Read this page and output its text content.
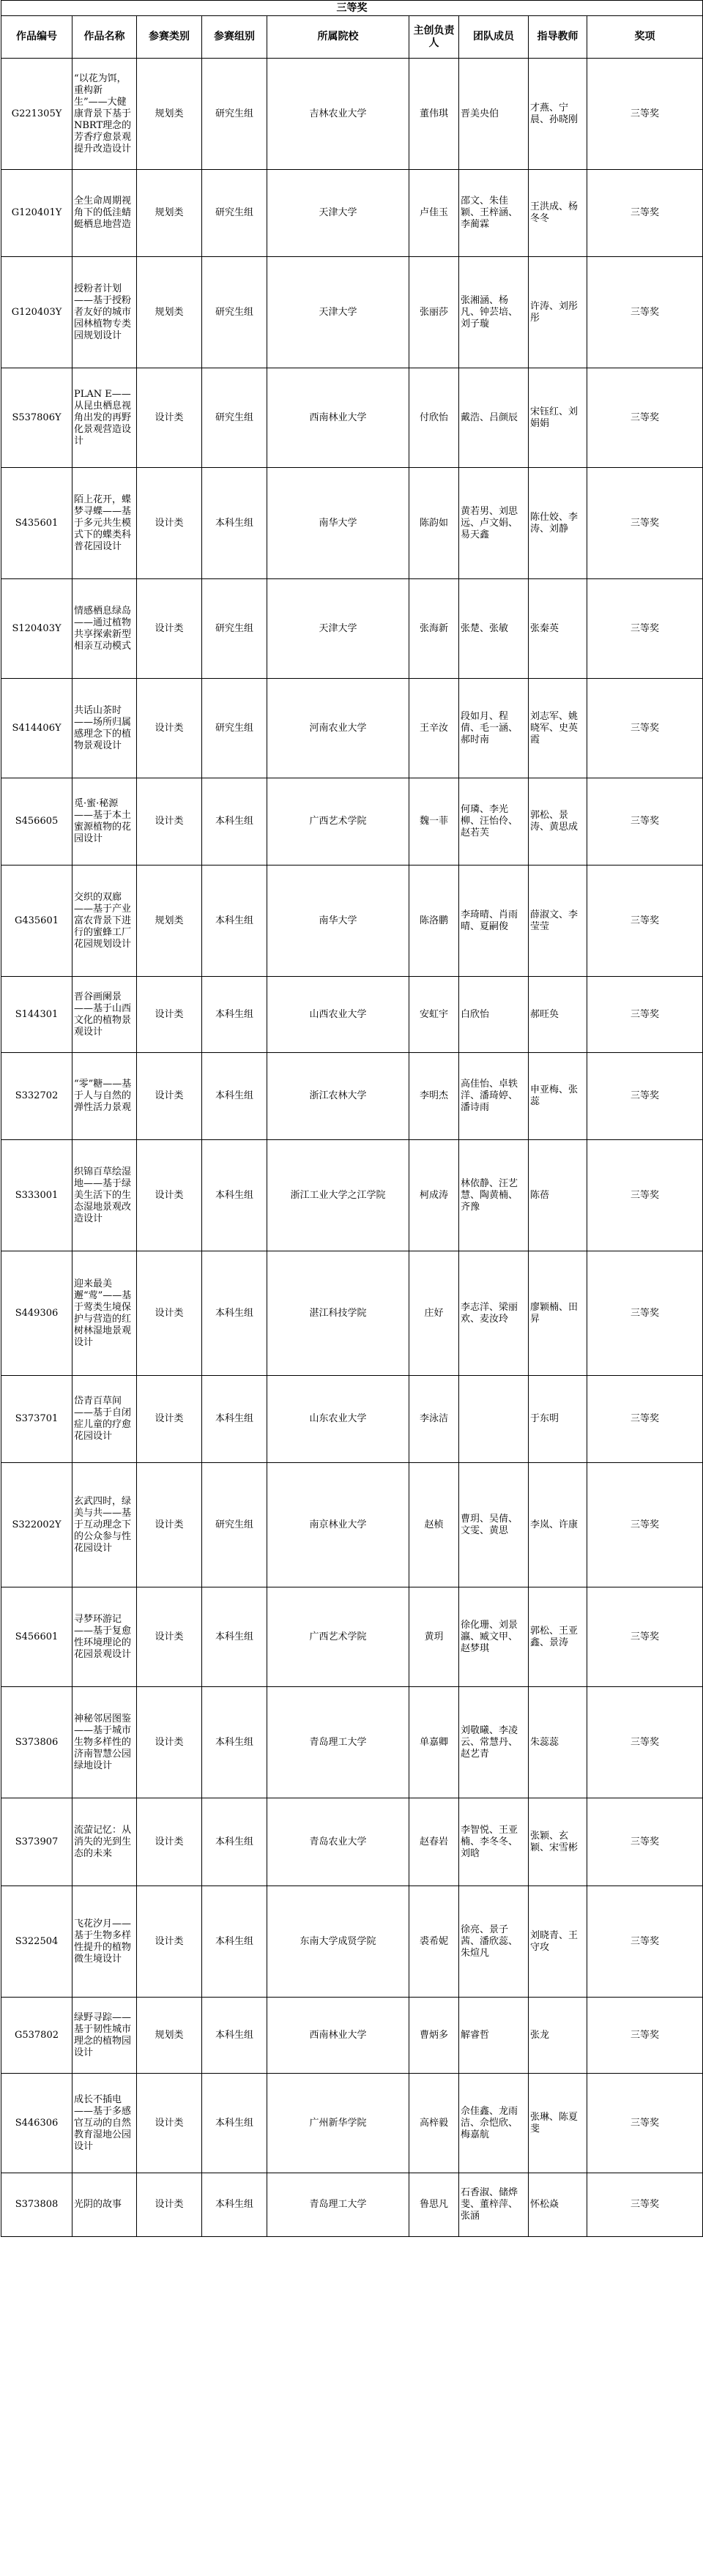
三等奖								
作品编号	作品名称	参赛类别	参赛组别	所属院校	主创负责人	团队成员	指导教师	奖项
G221305Y	“以花为饵，重构新生”——大健康背景下基于NBRT理念的芳香疗愈景观提升改造设计	规划类	研究生组	吉林农业大学	董伟琪	晋美央伯	才燕、宁晨、孙晓刚	三等奖
G120401Y	全生命周期视角下的低洼蜻蜓栖息地营造	规划类	研究生组	天津大学	卢佳玉	邵文、朱佳颖、王梓涵、李蔺霖	王洪成、杨冬冬	三等奖
G120403Y	授粉者计划——基于授粉者友好的城市园林植物专类园规划设计	规划类	研究生组	天津大学	张丽莎	张湘涵、杨凡、钟芸培、刘子璇	许涛、刘彤彤	三等奖
S537806Y	PLAN E——从昆虫栖息视角出发的再野化景观营造设计	设计类	研究生组	西南林业大学	付欣怡	戴浩、吕颜辰	宋钰红、刘娟娟	三等奖
S435601	陌上花开，蝶梦寻蝶——基于多元共生模式下的蝶类科普花园设计	设计类	本科生组	南华大学	陈韵如	黄若男、刘思远、卢文娟、易天鑫	陈仕姣、李涛、刘静	三等奖
S120403Y	情感栖息绿岛——通过植物共享探索新型相亲互动模式	设计类	研究生组	天津大学	张海新	张楚、张敏	张秦英	三等奖
S414406Y	共话山茶时——场所归属感理念下的植物景观设计	设计类	研究生组	河南农业大学	王辛汝	段如月、程倩、毛一涵、郝时南	刘志军、姚晓军、史英霞	三等奖
S456605	觅·蜜·秘源——基于本土蜜源植物的花园设计	设计类	本科生组	广西艺术学院	魏一菲	何璘、李光柳、汪怡伶、赵若芙	郭松、景涛、黄思成	三等奖
G435601	交织的双廊——基于产业富农背景下进行的蜜蜂工厂花园规划设计	规划类	本科生组	南华大学	陈洛鹏	李琦晴、肖雨晴、夏嗣俊	薛淑文、李莹莹	三等奖
S144301	晋谷画阑景——基于山西文化的植物景观设计	设计类	本科生组	山西农业大学	安虹宇	白欣怡	郝旺奂	三等奖
S332702	“零”糖——基于人与自然的弹性活力景观	设计类	本科生组	浙江农林大学	李明杰	高佳怡、卓轶洋、潘琦婷、潘诗雨	申亚梅、张蕊	三等奖
S333001	织锦百草绘湿地——基于绿美生活下的生态湿地景观改造设计	设计类	本科生组	浙江工业大学之江学院	柯成涛	林依静、汪艺慧、陶黄楠、齐豫	陈蓓	三等奖
S449306	迎来最美邂“莺”——基于莺类生境保护与营造的红树林湿地景观设计	设计类	本科生组	湛江科技学院	庄好	李志洋、梁丽欢、麦汝玲	廖颖楠、田昇	三等奖
S373701	岱青百草间——基于自闭症儿童的疗愈花园设计	设计类	本科生组	山东农业大学	李泳洁		于东明	三等奖
S322002Y	玄武四时，绿美与共——基于互动理念下的公众参与性花园设计	设计类	研究生组	南京林业大学	赵桢	曹玥、吴倩、文雯、黄思	李岚、许康	三等奖
S456601	寻梦环游记——基于复愈性环境理论的花园景观设计	设计类	本科生组	广西艺术学院	黄玥	徐化珊、刘景瀛、臧文甲、赵梦琪	郭松、王亚鑫、景涛	三等奖
S373806	神秘邻居图鉴——基于城市生物多样性的济南智慧公园绿地设计	设计类	本科生组	青岛理工大学	单嘉卿	刘敬曦、李凌云、常慧丹、赵艺青	朱蕊蕊	三等奖
S373907	流萤记忆：从消失的光到生态的未来	设计类	本科生组	青岛农业大学	赵春岩	李智悦、王亚楠、李冬冬、刘晗	张颖、玄颖、宋雪彬	三等奖
S322504	飞花汐月——基于生物多样性提升的植物微生境设计	设计类	本科生组	东南大学成贤学院	裘希妮	徐亮、景子茜、潘欣蕊、朱煊凡	刘晓青、王守攻	三等奖
G537802	绿野寻踪——基于韧性城市理念的植物园设计	规划类	本科生组	西南林业大学	曹炳多	解睿哲	张龙	三等奖
S446306	成长不插电——基于多感官互动的自然教育湿地公园设计	设计类	本科生组	广州新华学院	高梓毅	佘佳鑫、龙雨洁、佘恺欣、梅嘉航	张琳、陈夏斐	三等奖
S373808	光阴的故事	设计类	本科生组	青岛理工大学	鲁思凡	石香淑、储烨斐、董梓萍、张涵	怀松焱	三等奖
